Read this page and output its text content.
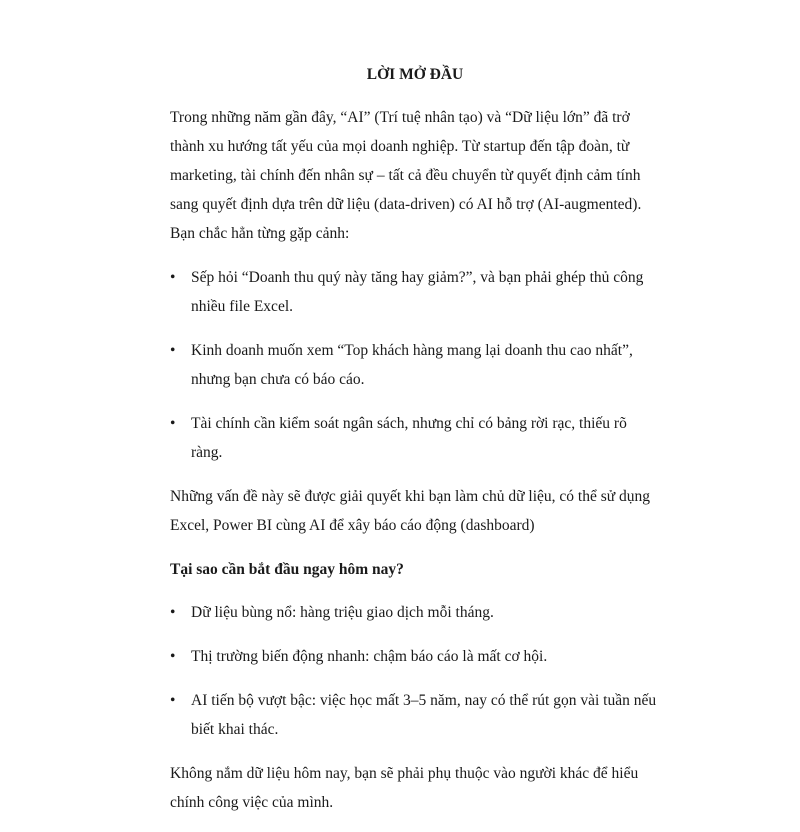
LỜI MỞ ĐẦU
Trong những năm gần đây, “AI” (Trí tuệ nhân tạo) và “Dữ liệu lớn” đã trở thành xu hướng tất yếu của mọi doanh nghiệp. Từ startup đến tập đoàn, từ marketing, tài chính đến nhân sự – tất cả đều chuyển từ quyết định cảm tính sang quyết định dựa trên dữ liệu (data-driven) có AI hỗ trợ (AI-augmented). Bạn chắc hẳn từng gặp cảnh:
•	Sếp hỏi “Doanh thu quý này tăng hay giảm?”, và bạn phải ghép thủ công nhiều file Excel.
•	Kinh doanh muốn xem “Top khách hàng mang lại doanh thu cao nhất”, nhưng bạn chưa có báo cáo.
•	Tài chính cần kiểm soát ngân sách, nhưng chỉ có bảng rời rạc, thiếu rõ ràng.
Những vấn đề này sẽ được giải quyết khi bạn làm chủ dữ liệu, có thể sử dụng Excel, Power BI cùng AI để xây báo cáo động (dashboard)
Tại sao cần bắt đầu ngay hôm nay?
•	Dữ liệu bùng nổ: hàng triệu giao dịch mỗi tháng.
•	Thị trường biến động nhanh: chậm báo cáo là mất cơ hội.
•	AI tiến bộ vượt bậc: việc học mất 3–5 năm, nay có thể rút gọn vài tuần nếu biết khai thác.
Không nắm dữ liệu hôm nay, bạn sẽ phải phụ thuộc vào người khác để hiểu chính công việc của mình.
